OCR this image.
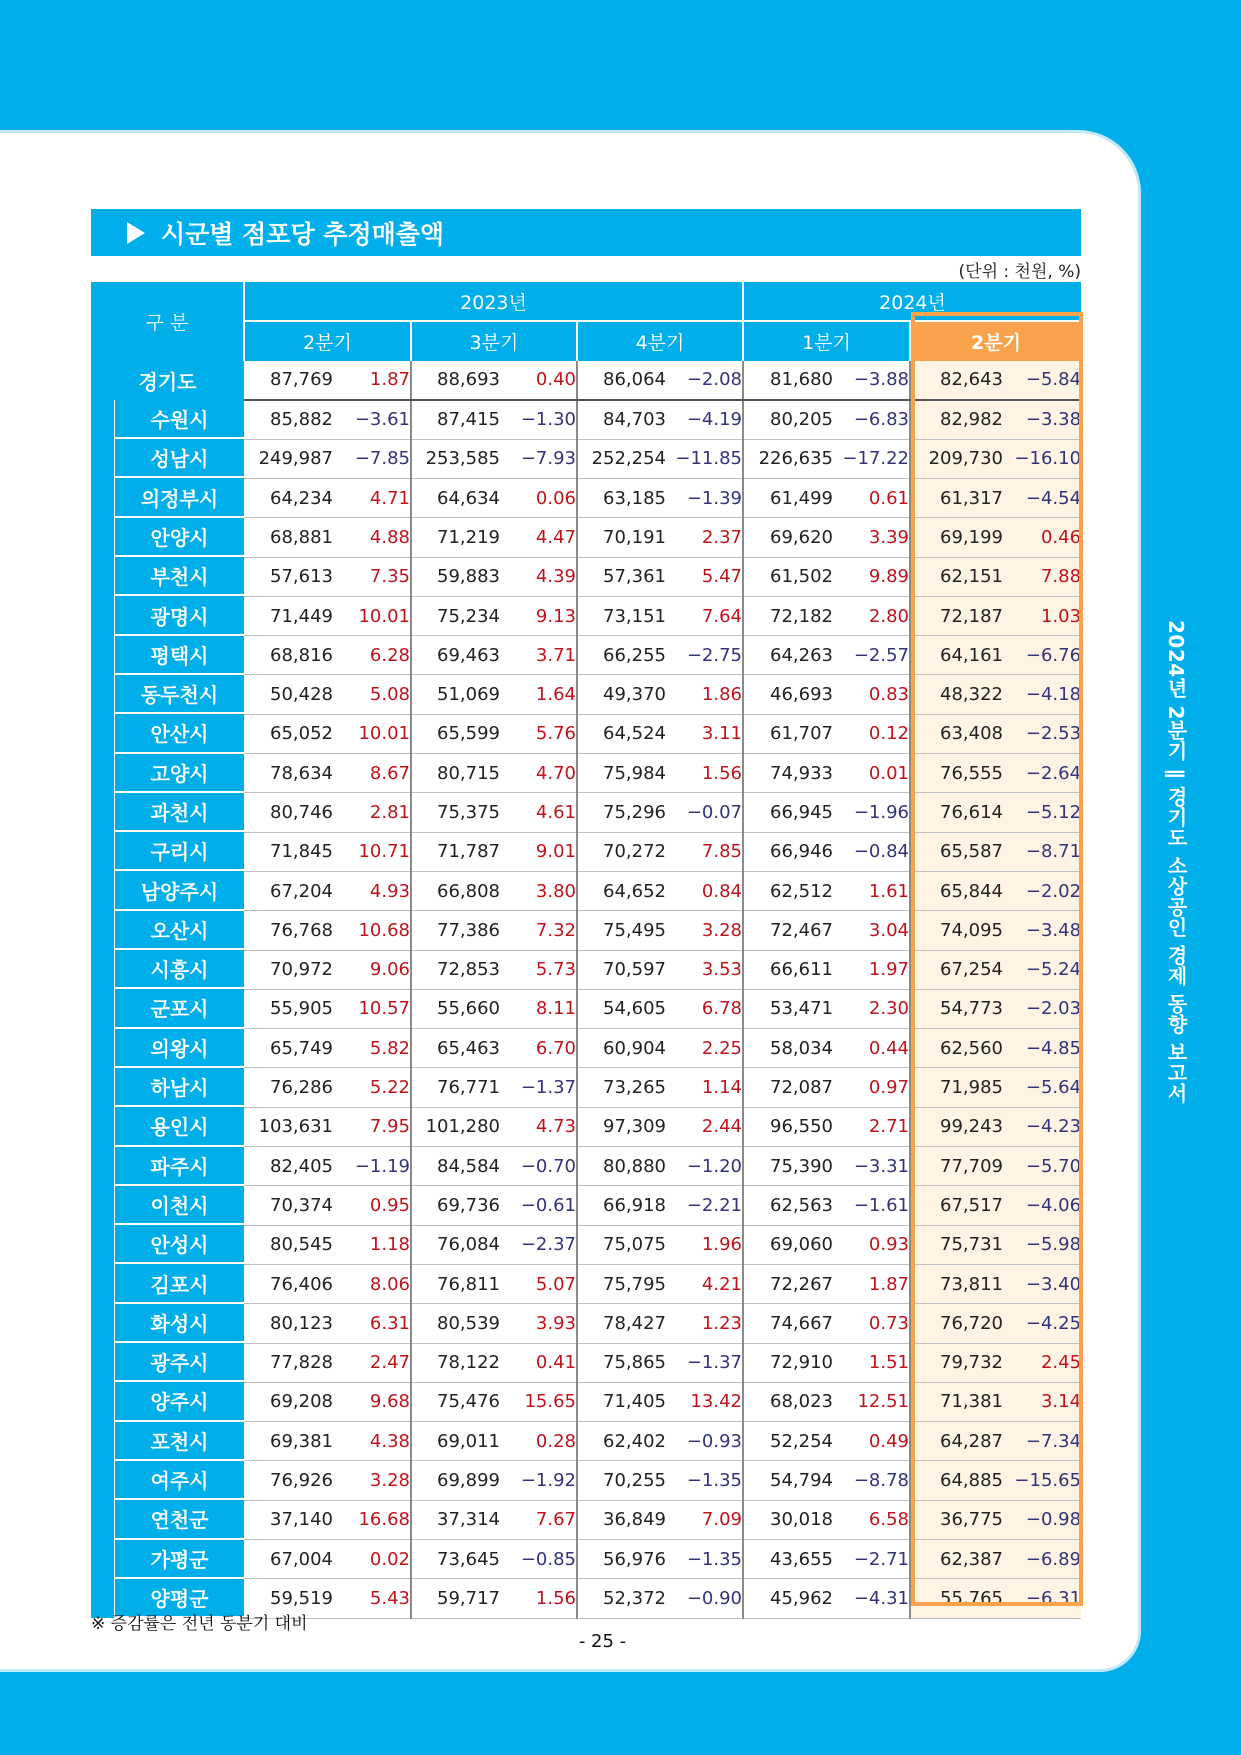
2024년 2분기 ∥ 경기도 소상공인 경제 동향 보고서
시군별 점포당 추정매출액
(단위 : 천원, %)
구 분	2023년						2024년			
	2분기		3분기		4분기		1분기		2분기	
경기도	87,769	1.87	88,693	0.40	86,064	−2.08	81,680	−3.88	82,643	−5.84

수원시	85,882	−3.61	87,415	−1.30	84,703	−4.19	80,205	−6.83	82,982	−3.38

성남시	249,987	−7.85	253,585	−7.93	252,254	−11.85	226,635	−17.22	209,730	−16.10

의정부시	64,234	4.71	64,634	0.06	63,185	−1.39	61,499	0.61	61,317	−4.54

안양시	68,881	4.88	71,219	4.47	70,191	2.37	69,620	3.39	69,199	0.46

부천시	57,613	7.35	59,883	4.39	57,361	5.47	61,502	9.89	62,151	7.88

광명시	71,449	10.01	75,234	9.13	73,151	7.64	72,182	2.80	72,187	1.03

평택시	68,816	6.28	69,463	3.71	66,255	−2.75	64,263	−2.57	64,161	−6.76

동두천시	50,428	5.08	51,069	1.64	49,370	1.86	46,693	0.83	48,322	−4.18

안산시	65,052	10.01	65,599	5.76	64,524	3.11	61,707	0.12	63,408	−2.53

고양시	78,634	8.67	80,715	4.70	75,984	1.56	74,933	0.01	76,555	−2.64

과천시	80,746	2.81	75,375	4.61	75,296	−0.07	66,945	−1.96	76,614	−5.12

구리시	71,845	10.71	71,787	9.01	70,272	7.85	66,946	−0.84	65,587	−8.71

남양주시	67,204	4.93	66,808	3.80	64,652	0.84	62,512	1.61	65,844	−2.02

오산시	76,768	10.68	77,386	7.32	75,495	3.28	72,467	3.04	74,095	−3.48

시흥시	70,972	9.06	72,853	5.73	70,597	3.53	66,611	1.97	67,254	−5.24

군포시	55,905	10.57	55,660	8.11	54,605	6.78	53,471	2.30	54,773	−2.03

의왕시	65,749	5.82	65,463	6.70	60,904	2.25	58,034	0.44	62,560	−4.85

하남시	76,286	5.22	76,771	−1.37	73,265	1.14	72,087	0.97	71,985	−5.64

용인시	103,631	7.95	101,280	4.73	97,309	2.44	96,550	2.71	99,243	−4.23

파주시	82,405	−1.19	84,584	−0.70	80,880	−1.20	75,390	−3.31	77,709	−5.70

이천시	70,374	0.95	69,736	−0.61	66,918	−2.21	62,563	−1.61	67,517	−4.06

안성시	80,545	1.18	76,084	−2.37	75,075	1.96	69,060	0.93	75,731	−5.98

김포시	76,406	8.06	76,811	5.07	75,795	4.21	72,267	1.87	73,811	−3.40

화성시	80,123	6.31	80,539	3.93	78,427	1.23	74,667	0.73	76,720	−4.25

광주시	77,828	2.47	78,122	0.41	75,865	−1.37	72,910	1.51	79,732	2.45

양주시	69,208	9.68	75,476	15.65	71,405	13.42	68,023	12.51	71,381	3.14

포천시	69,381	4.38	69,011	0.28	62,402	−0.93	52,254	0.49	64,287	−7.34

여주시	76,926	3.28	69,899	−1.92	70,255	−1.35	54,794	−8.78	64,885	−15.65

연천군	37,140	16.68	37,314	7.67	36,849	7.09	30,018	6.58	36,775	−0.98

가평군	67,004	0.02	73,645	−0.85	56,976	−1.35	43,655	−2.71	62,387	−6.89

양평군	59,519	5.43	59,717	1.56	52,372	−0.90	45,962	−4.31	55,765	−6.31
※ 증감률은 전년 동분기 대비
- 25 -
